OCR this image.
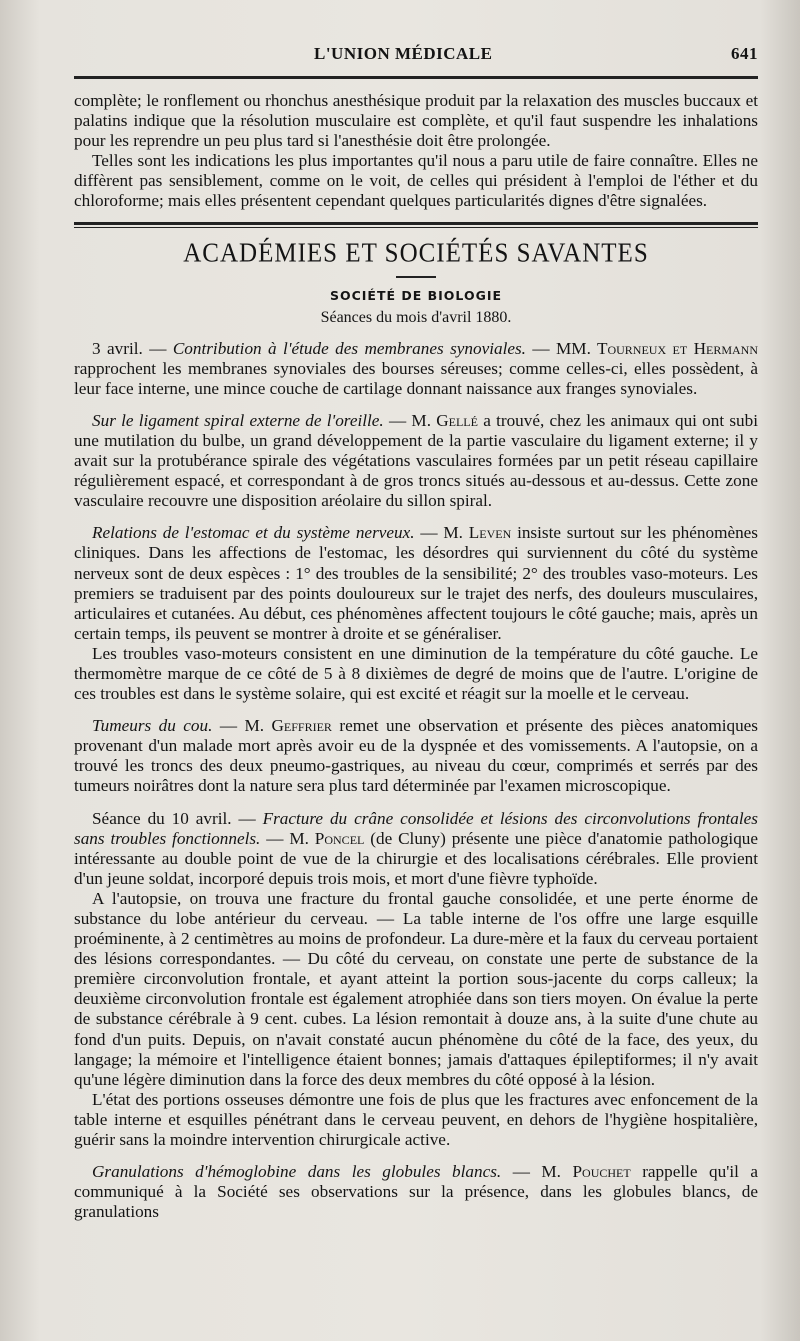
L'UNION MÉDICALE	641

complète; le ronflement ou rhonchus anesthésique produit par la relaxation des muscles buccaux et palatins indique que la résolution musculaire est complète, et qu'il faut suspendre les inhalations pour les reprendre un peu plus tard si l'anesthésie doit être prolongée.

Telles sont les indications les plus importantes qu'il nous a paru utile de faire connaître. Elles ne diffèrent pas sensiblement, comme on le voit, de celles qui président à l'emploi de l'éther et du chloroforme; mais elles présentent cependant quelques particularités dignes d'être signalées.

ACADÉMIES ET SOCIÉTÉS SAVANTES
SOCIÉTÉ DE BIOLOGIE
Séances du mois d'avril 1880.

3 avril. — Contribution à l'étude des membranes synoviales. — MM. Tourneux et Hermann rapprochent les membranes synoviales des bourses séreuses; comme celles-ci, elles possèdent, à leur face interne, une mince couche de cartilage donnant naissance aux franges synoviales.

Sur le ligament spiral externe de l'oreille. — M. Gellé a trouvé, chez les animaux qui ont subi une mutilation du bulbe, un grand développement de la partie vasculaire du ligament externe; il y avait sur la protubérance spirale des végétations vasculaires formées par un petit réseau capillaire régulièrement espacé, et correspondant à de gros troncs situés au-dessous et au-dessus. Cette zone vasculaire recouvre une disposition aréolaire du sillon spiral.

Relations de l'estomac et du système nerveux. — M. Leven insiste surtout sur les phénomènes cliniques. Dans les affections de l'estomac, les désordres qui surviennent du côté du système nerveux sont de deux espèces : 1° des troubles de la sensibilité; 2° des troubles vaso-moteurs. Les premiers se traduisent par des points douloureux sur le trajet des nerfs, des douleurs musculaires, articulaires et cutanées. Au début, ces phénomènes affectent toujours le côté gauche; mais, après un certain temps, ils peuvent se montrer à droite et se généraliser.

Les troubles vaso-moteurs consistent en une diminution de la température du côté gauche. Le thermomètre marque de ce côté de 5 à 8 dixièmes de degré de moins que de l'autre. L'origine de ces troubles est dans le système solaire, qui est excité et réagit sur la moelle et le cerveau.

Tumeurs du cou. — M. Geffrier remet une observation et présente des pièces anatomiques provenant d'un malade mort après avoir eu de la dyspnée et des vomissements. A l'autopsie, on a trouvé les troncs des deux pneumo-gastriques, au niveau du cœur, comprimés et serrés par des tumeurs noirâtres dont la nature sera plus tard déterminée par l'examen microscopique.

Séance du 10 avril. — Fracture du crâne consolidée et lésions des circonvolutions frontales sans troubles fonctionnels. — M. Poncel (de Cluny) présente une pièce d'anatomie pathologique intéressante au double point de vue de la chirurgie et des localisations cérébrales. Elle provient d'un jeune soldat, incorporé depuis trois mois, et mort d'une fièvre typhoïde.

A l'autopsie, on trouva une fracture du frontal gauche consolidée, et une perte énorme de substance du lobe antérieur du cerveau. — La table interne de l'os offre une large esquille proéminente, à 2 centimètres au moins de profondeur. La dure-mère et la faux du cerveau portaient des lésions correspondantes. — Du côté du cerveau, on constate une perte de substance de la première circonvolution frontale, et ayant atteint la portion sous-jacente du corps calleux; la deuxième circonvolution frontale est également atrophiée dans son tiers moyen. On évalue la perte de substance cérébrale à 9 cent. cubes. La lésion remontait à douze ans, à la suite d'une chute au fond d'un puits. Depuis, on n'avait constaté aucun phénomène du côté de la face, des yeux, du langage; la mémoire et l'intelligence étaient bonnes; jamais d'attaques épileptiformes; il n'y avait qu'une légère diminution dans la force des deux membres du côté opposé à la lésion.

L'état des portions osseuses démontre une fois de plus que les fractures avec enfoncement de la table interne et esquilles pénétrant dans le cerveau peuvent, en dehors de l'hygiène hospitalière, guérir sans la moindre intervention chirurgicale active.

Granulations d'hémoglobine dans les globules blancs. — M. Pouchet rappelle qu'il a communiqué à la Société ses observations sur la présence, dans les globules blancs, de granulations
